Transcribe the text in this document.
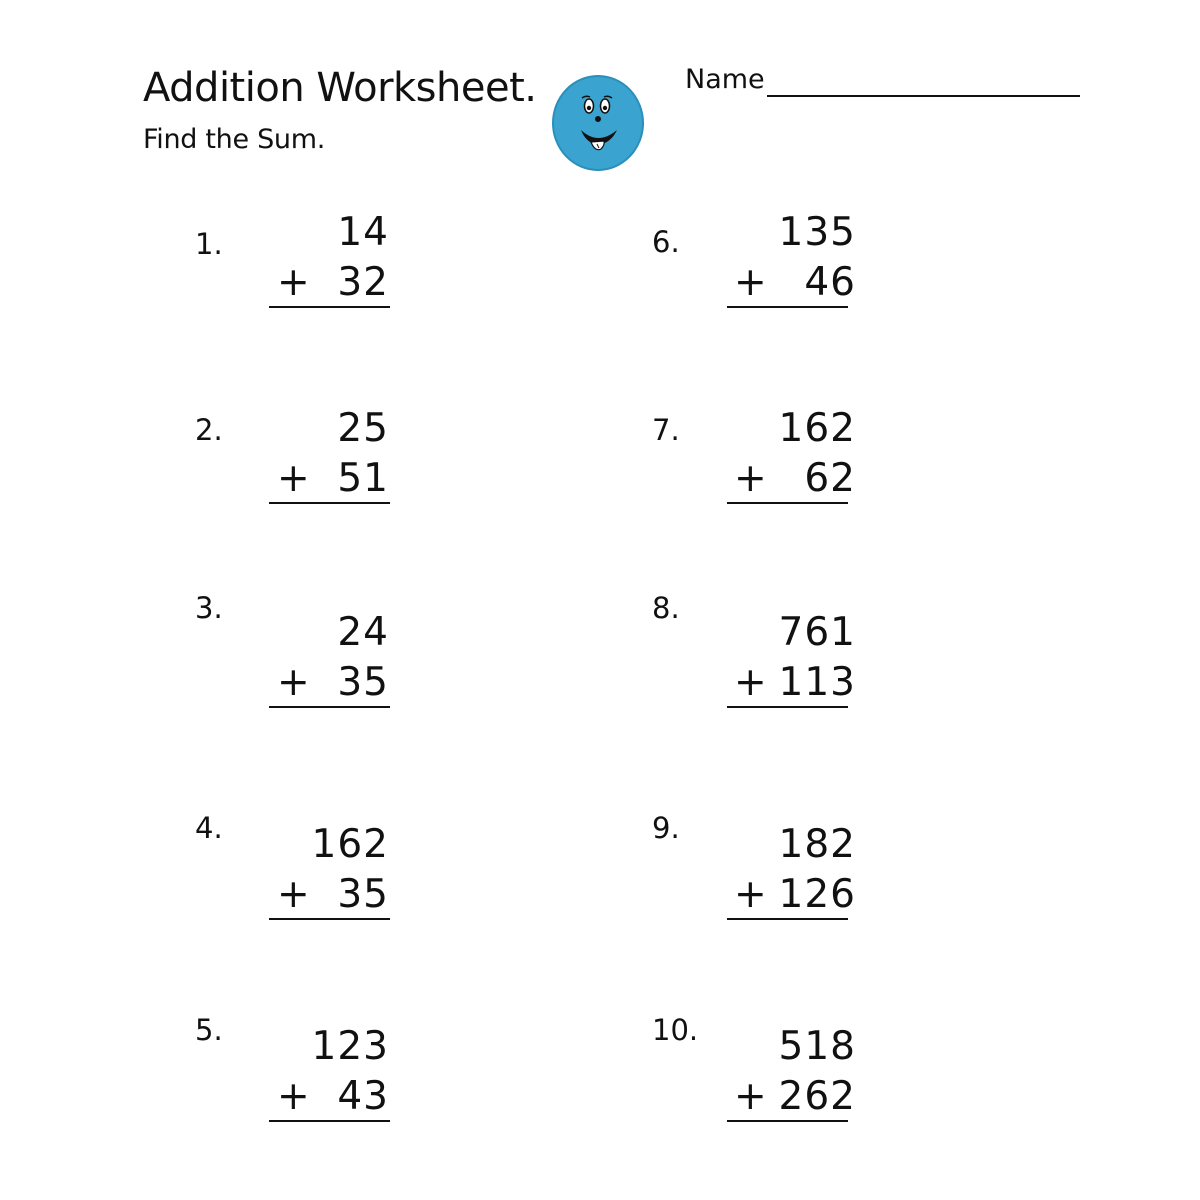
Addition Worksheet.
Find the Sum.
Name
1.	14
+ 32
2.	25
+ 51
3.
24
+ 35
4. 162
+ 35
5. 123
+ 43
6.	135
+ 46
7.	162
+ 62
8.
761
+ 113
9.	182
+ 126
10. 518
+ 262
